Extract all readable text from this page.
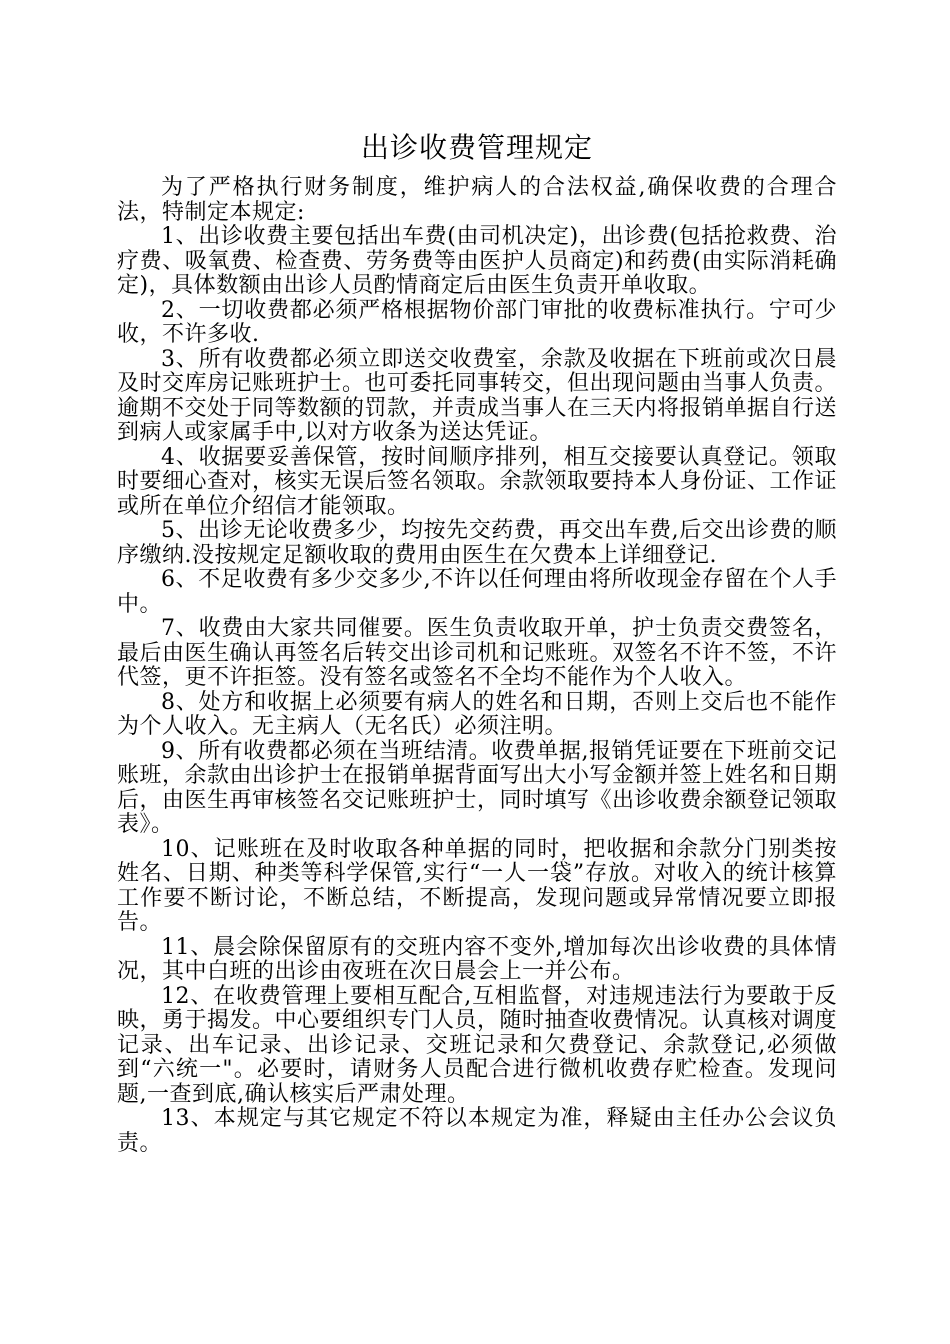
出诊收费管理规定

为了严格执行财务制度，维护病人的合法权益,确保收费的合理合法，特制定本规定:

1、出诊收费主要包括出车费(由司机决定)，出诊费(包括抢救费、治疗费、吸氧费、检查费、劳务费等由医护人员商定)和药费(由实际消耗确定)，具体数额由出诊人员酌情商定后由医生负责开单收取。

2、一切收费都必须严格根据物价部门审批的收费标准执行。宁可少收，不许多收.

3、所有收费都必须立即送交收费室，余款及收据在下班前或次日晨及时交库房记账班护士。也可委托同事转交，但出现问题由当事人负责。逾期不交处于同等数额的罚款，并责成当事人在三天内将报销单据自行送到病人或家属手中,以对方收条为送达凭证。

4、收据要妥善保管，按时间顺序排列，相互交接要认真登记。领取时要细心查对，核实无误后签名领取。余款领取要持本人身份证、工作证或所在单位介绍信才能领取。

5、出诊无论收费多少，均按先交药费，再交出车费,后交出诊费的顺序缴纳.没按规定足额收取的费用由医生在欠费本上详细登记.

6、不足收费有多少交多少,不许以任何理由将所收现金存留在个人手中。

7、收费由大家共同催要。医生负责收取开单，护士负责交费签名，最后由医生确认再签名后转交出诊司机和记账班。双签名不许不签，不许代签，更不许拒签。没有签名或签名不全均不能作为个人收入。

8、处方和收据上必须要有病人的姓名和日期，否则上交后也不能作为个人收入。无主病人（无名氏）必须注明。

9、所有收费都必须在当班结清。收费单据,报销凭证要在下班前交记账班，余款由出诊护士在报销单据背面写出大小写金额并签上姓名和日期后，由医生再审核签名交记账班护士，同时填写《出诊收费余额登记领取表》。

10、记账班在及时收取各种单据的同时，把收据和余款分门别类按姓名、日期、种类等科学保管,实行“一人一袋”存放。对收入的统计核算工作要不断讨论，不断总结，不断提高，发现问题或异常情况要立即报告。

11、晨会除保留原有的交班内容不变外,增加每次出诊收费的具体情况，其中白班的出诊由夜班在次日晨会上一并公布。

12、在收费管理上要相互配合,互相监督，对违规违法行为要敢于反映，勇于揭发。中心要组织专门人员，随时抽查收费情况。认真核对调度记录、出车记录、出诊记录、交班记录和欠费登记、余款登记,必须做到“六统一"。必要时，请财务人员配合进行微机收费存贮检查。发现问题,一查到底,确认核实后严肃处理。

13、本规定与其它规定不符以本规定为准，释疑由主任办公会议负责。
